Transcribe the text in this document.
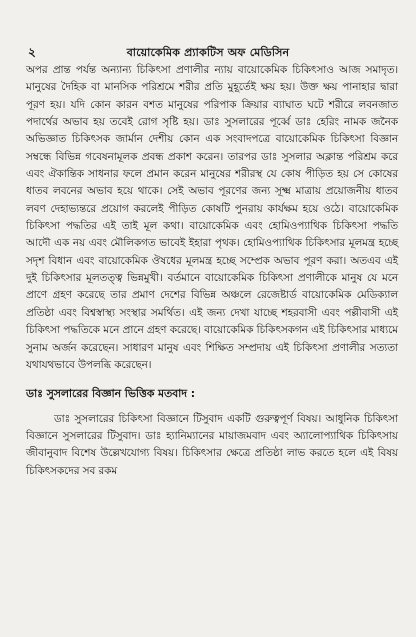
২	বায়োকেমিক প্র্যাকটিস অফ মেডিসিন

অপর প্রান্ত পর্যন্ত অন্যান্য চিকিৎসা প্রণালীর ন্যায় বায়োকেমিক চিকিৎসাও আজ সমাদৃত। মানুষের দৈহিক বা মানসিক পরিশ্রমে শরীর প্রতি মুহূর্তেই ক্ষয় হয়। উক্ত ক্ষয় পানাহার দ্বারা পূরণ হয়। যদি কোন কারন বশত মানুষের পরিপাক ক্রিয়ার ব্যাঘাত ঘটে শরীরে লবনজাত পদার্থের অভাব হয় তবেই রোগ সৃষ্টি হয়। ডাঃ সুসলারের পূর্ব্বে ডাঃ হেরিং নামক জনৈক অভিজ্ঞাত চিকিৎসক জার্মান দেশীয় কোন এক সংবাদপত্রে বায়োকেমিক চিকিৎসা বিজ্ঞান সম্বন্ধে বিভিন্ন গবেষনামূলক প্রবন্ধ প্রকাশ করেন। তারপর ডাঃ সুসলার অক্লান্ত পরিশ্রম করে এবং ঐকান্তিক সাধনার ফলে প্রমান করেন মানুষের শরীরস্থ যে কোষ পীড়িত হয় সে কোষের ধাতব লবনের অভাব হয়ে থাকে। সেই অভাব পূরণের জন্য সূক্ষ্ম মাত্রায় প্রয়োজনীয় ধাতব লবণ দেহাভ্যন্তরে প্রয়োগ করলেই পীড়িত কোষটি পুনরায় কার্যক্ষম হয়ে ওঠে। বায়োকেমিক চিকিৎসা পদ্ধতির এই তাই মূল কথা। বায়োকেমিক এবং হোমিওপ্যাথিক চিকিৎসা পদ্ধতি আদৌ এক নয় এবং মৌলিকগত ভাবেই ইহারা পৃথক। হোমিওপ্যাথিক চিকিৎসার মূলমন্ত্র হচ্ছে সদৃশ বিধান এবং বায়োকেমিক ঔষধের মূলমন্ত্র হচ্ছে সম্প্রেক অভাব পূরণ করা। অতএব এই দুই চিকিৎসার মূলতত্ত্ব ভিন্নমুখী। বর্তমানে বায়োকেমিক চিকিৎসা প্রণালীকে মানুষ যে মনে প্রাণে গ্রহণ করেছে তার প্রমাণ দেশের বিভিন্ন অঞ্চলে রেজেষ্টার্ড বায়োকেমিক মেডিক্যাল প্রতিষ্ঠা এবং বিশ্বস্বাস্থ্য সংস্থার সমর্থিত। এই জন্য দেখা যাচ্ছে শহরবাসী এবং পল্লীবাসী এই চিকিৎসা পদ্ধতিকে মনে প্রানে গ্রহণ করেছে। বায়োকেমিক চিকিৎসকগন এই চিকিৎসার মাধ্যমে সুনাম অর্জন করেছেন। সাধারণ মানুষ এবং শিক্ষিত সম্প্রদায় এই চিকিৎসা প্রণালীর সত্যতা যথাযথভাবে উপলব্ধি করেছেন।

ডাঃ সুসলারের বিজ্ঞান ভিত্তিক মতবাদ :

ডাঃ সুসলারের চিকিৎসা বিজ্ঞানে টিসুবাদ একটি গুরুত্বপূর্ণ বিষয়। আধুনিক চিকিৎসা বিজ্ঞানে সুসলারের টিসুবাদ। ডাঃ হ্যানিম্যানের মায়াজমবাদ এবং অ্যালোপ্যাথিক চিকিৎসায় জীবানুবাদ বিশেষ উল্লেখযোগ্য বিষয়। চিকিৎসার ক্ষেত্রে প্রতিষ্ঠা লাভ করতে হলে এই বিষয় চিকিৎসকদের সব রকম
